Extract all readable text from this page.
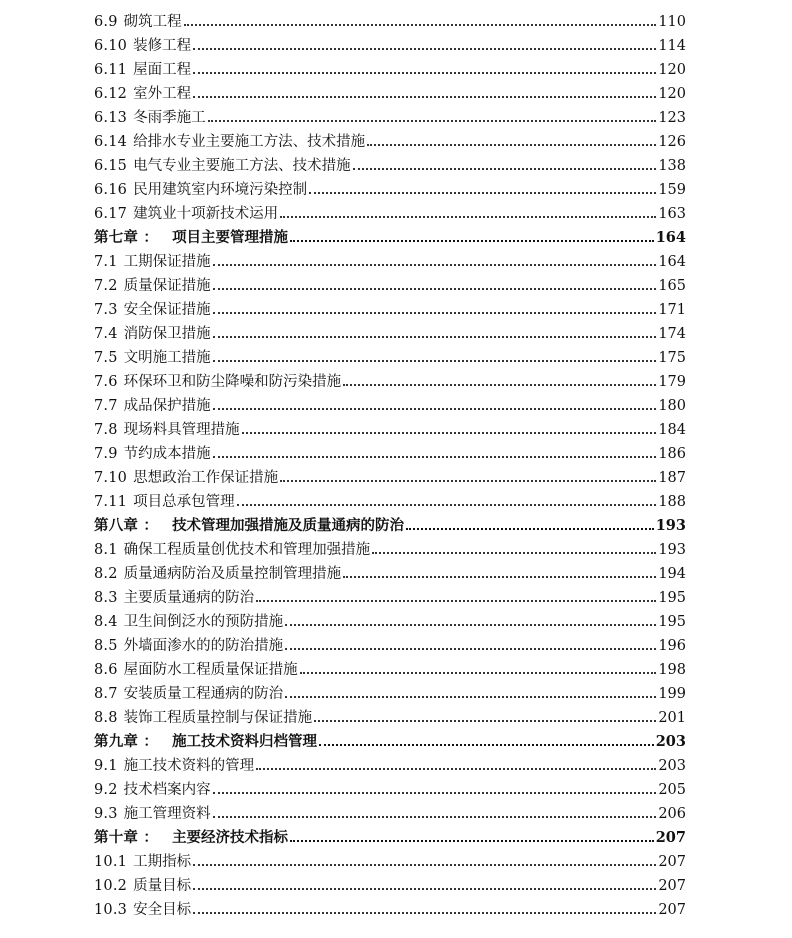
6.9 砌筑工程	110
6.10 装修工程	114
6.11 屋面工程	120
6.12 室外工程	120
6.13 冬雨季施工	123
6.14 给排水专业主要施工方法、技术措施	126
6.15 电气专业主要施工方法、技术措施	138
6.16 民用建筑室内环境污染控制	159
6.17 建筑业十项新技术运用	163
第七章 ： 项目主要管理措施	164
7.1 工期保证措施	164
7.2 质量保证措施	165
7.3 安全保证措施	171
7.4 消防保卫措施	174
7.5 文明施工措施	175
7.6 环保环卫和防尘降噪和防污染措施	179
7.7 成品保护措施	180
7.8 现场料具管理措施	184
7.9 节约成本措施	186
7.10 思想政治工作保证措施	187
7.11 项目总承包管理	188
第八章 ： 技术管理加强措施及质量通病的防治	193
8.1 确保工程质量创优技术和管理加强措施	193
8.2 质量通病防治及质量控制管理措施	194
8.3 主要质量通病的防治	195
8.4 卫生间倒泛水的预防措施	195
8.5 外墙面渗水的的防治措施	196
8.6 屋面防水工程质量保证措施	198
8.7 安装质量工程通病的防治	199
8.8 装饰工程质量控制与保证措施	201
第九章 ： 施工技术资料归档管理	203
9.1 施工技术资料的管理	203
9.2 技术档案内容	205
9.3 施工管理资料	206
第十章 ： 主要经济技术指标	207
10.1 工期指标	207
10.2 质量目标	207
10.3 安全目标	207
